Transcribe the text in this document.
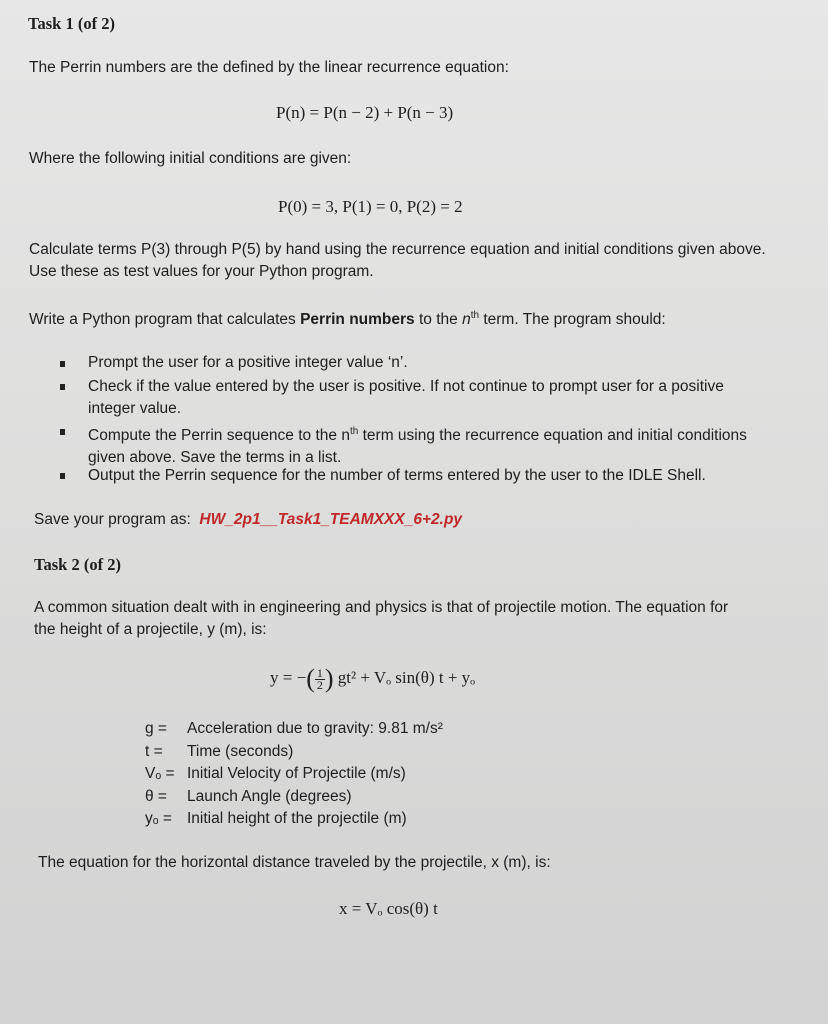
Task 1 (of 2)
The Perrin numbers are the defined by the linear recurrence equation:
P(n) = P(n − 2) + P(n − 3)
Where the following initial conditions are given:
P(0) = 3, P(1) = 0, P(2) = 2
Calculate terms P(3) through P(5) by hand using the recurrence equation and initial conditions given above. Use these as test values for your Python program.
Write a Python program that calculates Perrin numbers to the $n^{th}$ term. The program should:
Prompt the user for a positive integer value ‘n’.
Check if the value entered by the user is positive. If not continue to prompt user for a positive integer value.
Compute the Perrin sequence to the $n^{th}$ term using the recurrence equation and initial conditions given above. Save the terms in a list.
Output the Perrin sequence for the number of terms entered by the user to the IDLE Shell.
Save your program as:  HW_2p1__Task1_TEAMXXX_6+2.py
Task 2 (of 2)
A common situation dealt with in engineering and physics is that of projectile motion. The equation for the height of a projectile, y (m), is:
y = −( $\frac{1}{2}$ ) gt² + Vₒ sin(θ) t + yₒ
g = Acceleration due to gravity: 9.81 m/s²
t = Time (seconds)
Vₒ = Initial Velocity of Projectile (m/s)
θ = Launch Angle (degrees)
yₒ = Initial height of the projectile (m)
The equation for the horizontal distance traveled by the projectile, x (m), is:
x = Vₒ cos(θ) t
